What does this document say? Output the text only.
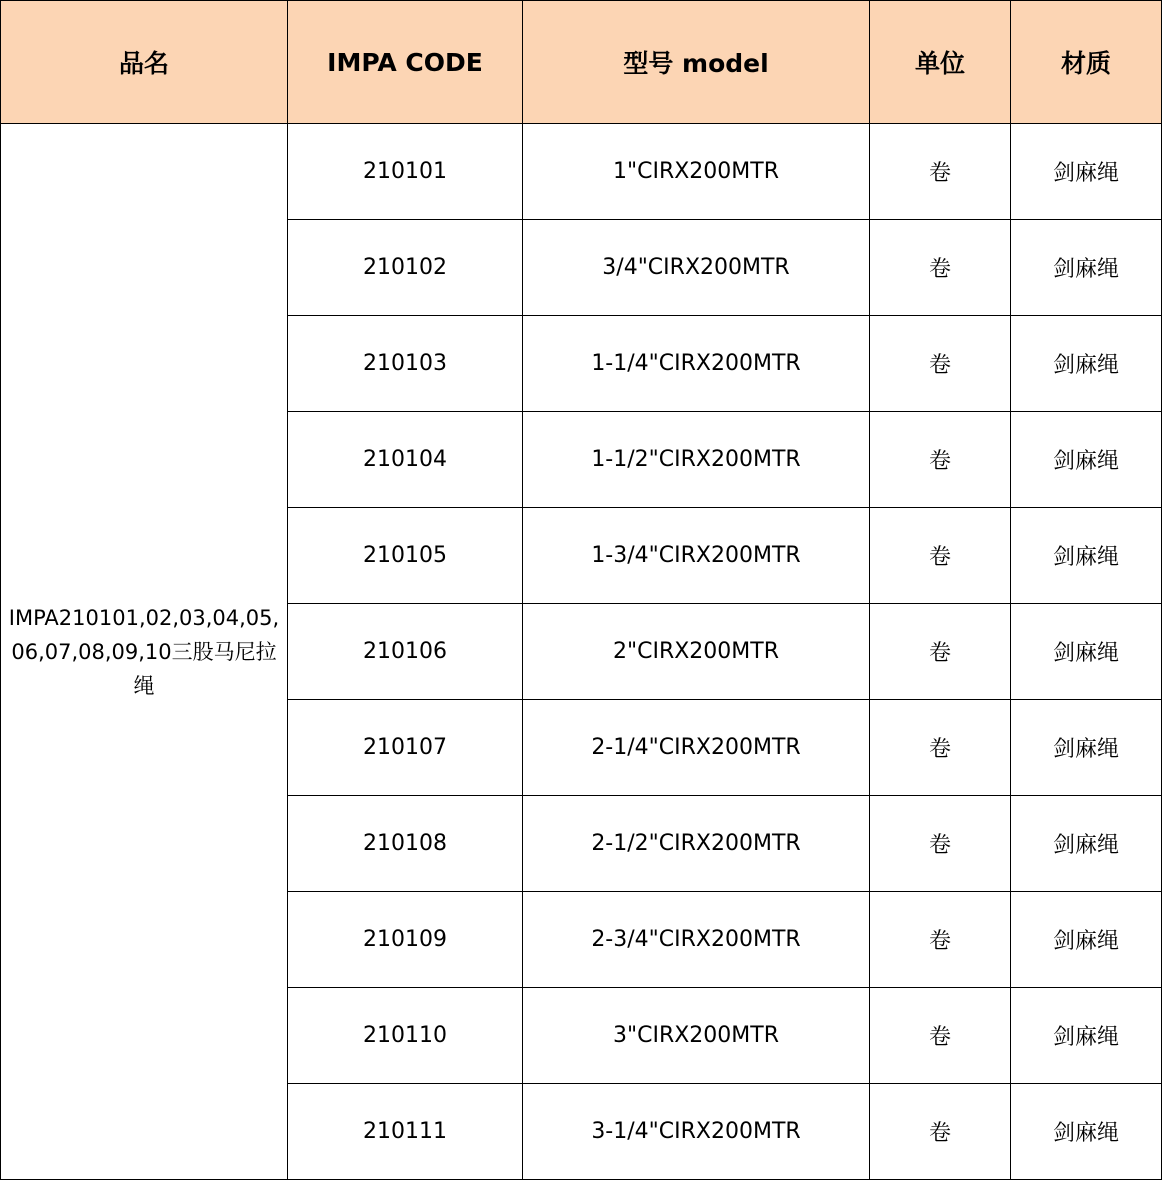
品名	IMPA CODE	型号 model	单位	材质
IMPA210101,02,03,04,05,06,07,08,09,10三股马尼拉绳	210101	1"CIRX200MTR	卷	剑麻绳
	210102	3/4"CIRX200MTR	卷	剑麻绳
	210103	1-1/4"CIRX200MTR	卷	剑麻绳
	210104	1-1/2"CIRX200MTR	卷	剑麻绳
	210105	1-3/4"CIRX200MTR	卷	剑麻绳
	210106	2"CIRX200MTR	卷	剑麻绳
	210107	2-1/4"CIRX200MTR	卷	剑麻绳
	210108	2-1/2"CIRX200MTR	卷	剑麻绳
	210109	2-3/4"CIRX200MTR	卷	剑麻绳
	210110	3"CIRX200MTR	卷	剑麻绳
	210111	3-1/4"CIRX200MTR	卷	剑麻绳
